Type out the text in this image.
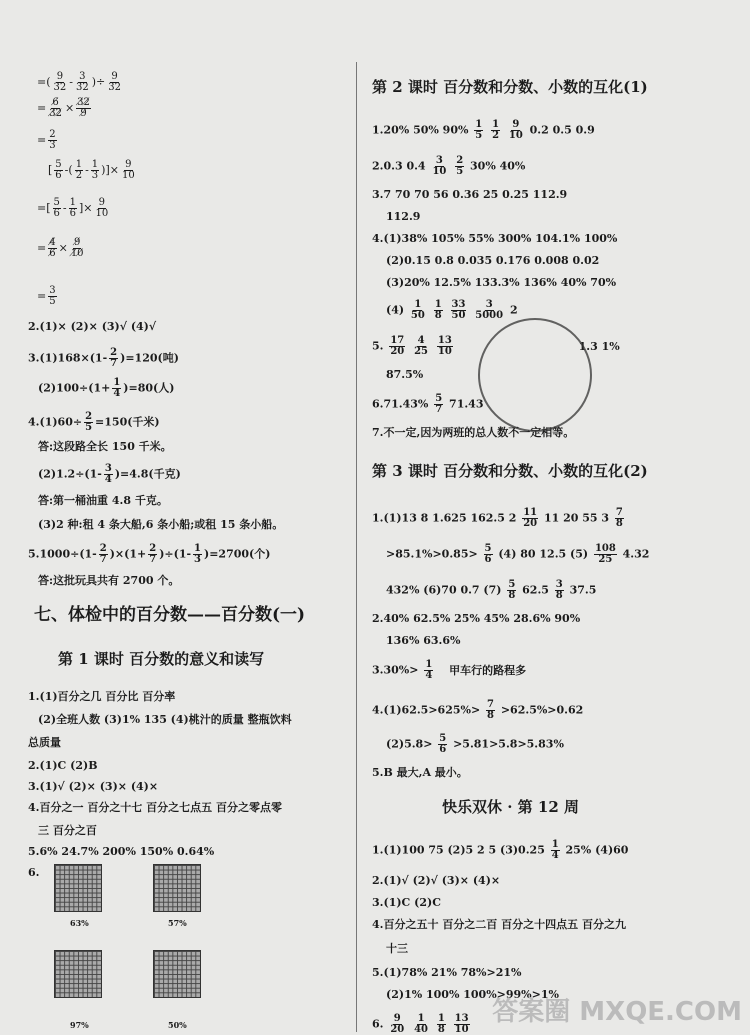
=( $\frac{9}{32} - \frac{3}{32}$ )÷ $\frac{9}{32}$
= $\frac{6̸}{3̸2̸} \times \frac{3̸2̸}{9̸}$
= $\frac{2}{3}$
[ $\frac{5}{6}$ -( $\frac{1}{2} - \frac{1}{3}$ )]× $\frac{9}{10}$
=[ $\frac{5}{6} - \frac{1}{6}$ ]× $\frac{9}{10}$
= $\frac{4̸}{6̸} \times \frac{9̸}{1̸0̸}$
= $\frac{3}{5}$
2.(1)× (2)× (3)√ (4)√
$3.(1)168\times(1- \frac{2}{7} )=120$(吨)
$(2)100\div(1+ \frac{1}{4} )=80$(人)
$4.(1)60\div \frac{2}{5} =150$(千米)
答:这段路全长 150 千米。
$(2)1.2\div(1- \frac{3}{4} )=4.8$(千克)
答:第一桶油重 4.8 千克。
(3)2 种:租 4 条大船,6 条小船;或租 15 条小船。
$5.1000\div(1- \frac{2}{7} )\times(1+ \frac{2}{7} )\div(1- \frac{1}{3} )=2700$(个)
答:这批玩具共有 2700 个。
七、体检中的百分数——百分数(一)
第 1 课时 百分数的意义和读写
1.(1)百分之几 百分比 百分率
(2)全班人数 (3)1% 135 (4)桃汁的质量 整瓶饮料
总质量
2.(1)C (2)B
3.(1)√ (2)× (3)× (4)×
4.百分之一 百分之十七 百分之七点五 百分之零点零
三 百分之百
5.6% 24.7% 200% 150% 0.64%
6.
63%	57%
97%	50%
第 2 课时 百分数和分数、小数的互化(1)
1.20% 50% $90\% \frac{1}{5}$
$\frac{1}{2}$
$\frac{9}{10} 0.2$ 0.5 0.9
2.0.3 $0.4 \frac{3}{10}$
$\frac{2}{5} 30\%$ 40%
3.7 70 70 56 0.36 25 0.25 112.9
112.9
4.(1)38% 105% 55% 300% 104.1% 100%
(2)0.15 0.8 0.035 0.176 0.008 0.02
(3)20% 12.5% 133.3% 136% 40% 70%
$(4) \frac{1}{50}$
$\frac{1}{8}$
$\frac{33}{50}$
$\frac{3}{5000} 2$
5. $\frac{17}{20}$
$\frac{4}{25}$
$\frac{13}{10}$	1.3 1%
87.5%
$6.71.43\% \frac{5}{7} 71.43$
7.不一定,因为两班的总人数不一定相等。
第 3 课时 百分数和分数、小数的互化(2)
1.(1)13 8 1.625 162.5 $2 \frac{11}{20} 11$ 20 55 $3 \frac{7}{8}$
$>85.1\%>0.85> \frac{5}{6} (4)$ 80 12.5 $(5) \frac{108}{25} 4.32$
432% (6)70 0.7 $(7) \frac{5}{8} 62.5 \frac{3}{8} 37.5$
2.40% 62.5% 25% 45% 28.6% 90%
136% 63.6%
$3.30\%> \frac{1}{4}$ 甲车行的路程多
$4.(1)62.5>625\%> \frac{7}{8} >62.5\%>0.62$
$(2)5.8> \frac{5}{6} >5.81>5.8>5.83\%$
5.B 最大,A 最小。
快乐双休 · 第 12 周
1.(1)100 75 (2)5 2 5 $(3)0.25 \frac{1}{4} 25\%$ (4)60
2.(1)√ (2)√ (3)× (4)×
3.(1)C (2)C
4.百分之五十 百分之二百 百分之十四点五 百分之九
十三
5.(1)78% 21% 78%>21%
(2)1% 100% 100%>99%>1%
6. $\frac{9}{20}$
$\frac{1}{40}$
$\frac{1}{8}$
$\frac{13}{10}$ 答案圈 MXQE.COM
